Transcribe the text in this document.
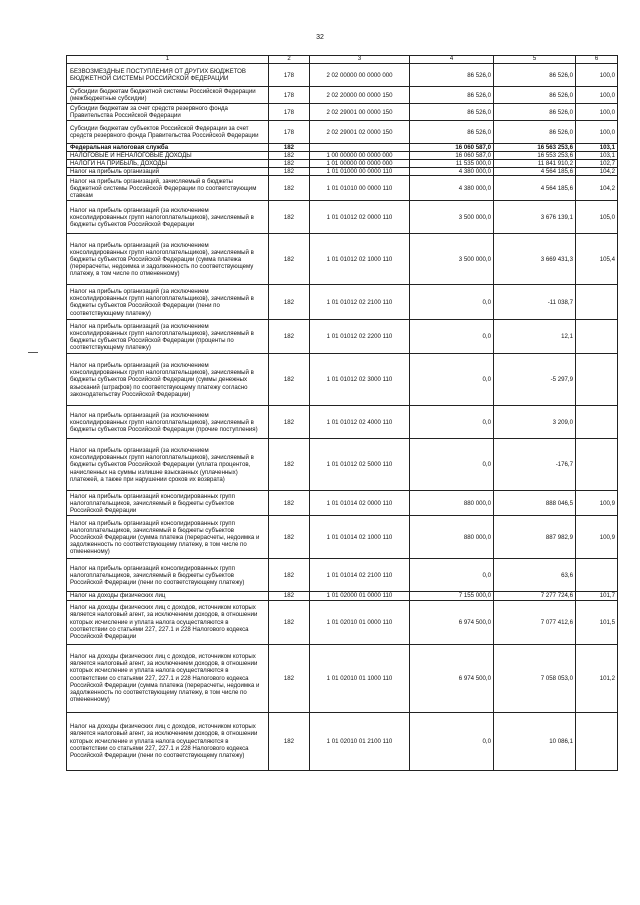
32
1	2	3	4	5	6
БЕЗВОЗМЕЗДНЫЕ ПОСТУПЛЕНИЯ ОТ ДРУГИХ БЮДЖЕТОВ БЮДЖЕТНОЙ СИСТЕМЫ РОССИЙСКОЙ ФЕДЕРАЦИИ	178	2 02 00000 00 0000 000	86 526,0	86 526,0	100,0
Субсидии бюджетам бюджетной системы Российской Федерации (межбюджетные субсидии)	178	2 02 20000 00 0000 150	86 526,0	86 526,0	100,0
Субсидии бюджетам за счет средств резервного фонда Правительства Российской Федерации	178	2 02 29001 00 0000 150	86 526,0	86 526,0	100,0
Субсидии бюджетам субъектов Российской Федерации за счет средств резервного фонда Правительства Российской Федерации	178	2 02 29001 02 0000 150	86 526,0	86 526,0	100,0
Федеральная налоговая служба	182		16 060 587,0	16 563 253,6	103,1
НАЛОГОВЫЕ И НЕНАЛОГОВЫЕ ДОХОДЫ	182	1 00 00000 00 0000 000	16 060 587,0	16 553 253,6	103,1
НАЛОГИ НА ПРИБЫЛЬ, ДОХОДЫ	182	1 01 00000 00 0000 000	11 535 000,0	11 841 910,2	102,7
Налог на прибыль организаций	182	1 01 01000 00 0000 110	4 380 000,0	4 564 185,6	104,2
Налог на прибыль организаций, зачисляемый в бюджеты бюджетной системы Российской Федерации по соответствующим ставкам	182	1 01 01010 00 0000 110	4 380 000,0	4 564 185,6	104,2
Налог на прибыль организаций (за исключением консолидированных групп налогоплательщиков), зачисляемый в бюджеты субъектов Российской Федерации	182	1 01 01012 02 0000 110	3 500 000,0	3 676 139,1	105,0
Налог на прибыль организаций (за исключением консолидированных групп налогоплательщиков), зачисляемый в бюджеты субъектов Российской Федерации (сумма платежа (перерасчеты, недоимка и задолженность по соответствующему платежу, в том числе по отмененному)	182	1 01 01012 02 1000 110	3 500 000,0	3 669 431,3	105,4
Налог на прибыль организаций (за исключением консолидированных групп налогоплательщиков), зачисляемый в бюджеты субъектов Российской Федерации (пени по соответствующему платежу)	182	1 01 01012 02 2100 110	0,0	-11 038,7	
Налог на прибыль организаций (за исключением консолидированных групп налогоплательщиков), зачисляемый в бюджеты субъектов Российской Федерации (проценты по соответствующему платежу)	182	1 01 01012 02 2200 110	0,0	12,1	
Налог на прибыль организаций (за исключением консолидированных групп налогоплательщиков), зачисляемый в бюджеты субъектов Российской Федерации (суммы денежных взысканий (штрафов) по соответствующему платежу согласно законодательству Российской Федерации)	182	1 01 01012 02 3000 110	0,0	-5 297,9	
Налог на прибыль организаций (за исключением консолидированных групп налогоплательщиков), зачисляемый в бюджеты субъектов Российской Федерации (прочие поступления)	182	1 01 01012 02 4000 110	0,0	3 209,0	
Налог на прибыль организаций (за исключением консолидированных групп налогоплательщиков), зачисляемый в бюджеты субъектов Российской Федерации (уплата процентов, начисленных на суммы излишне взысканных (уплаченных) платежей, а также при нарушении сроков их возврата)	182	1 01 01012 02 5000 110	0,0	-176,7	
Налог на прибыль организаций консолидированных групп налогоплательщиков, зачисляемый в бюджеты субъектов Российской Федерации	182	1 01 01014 02 0000 110	880 000,0	888 046,5	100,9
Налог на прибыль организаций консолидированных групп налогоплательщиков, зачисляемый в бюджеты субъектов Российской Федерации (сумма платежа (перерасчеты, недоимка и задолженность по соответствующему платежу, в том числе по отмененному)	182	1 01 01014 02 1000 110	880 000,0	887 982,9	100,9
Налог на прибыль организаций консолидированных групп налогоплательщиков, зачисляемый в бюджеты субъектов Российской Федерации (пени по соответствующему платежу)	182	1 01 01014 02 2100 110	0,0	63,6	
Налог на доходы физических лиц	182	1 01 02000 01 0000 110	7 155 000,0	7 277 724,6	101,7
Налог на доходы физических лиц с доходов, источником которых является налоговый агент, за исключением доходов, в отношении которых исчисление и уплата налога осуществляются в соответствии со статьями 227, 227.1 и 228 Налогового кодекса Российской Федерации	182	1 01 02010 01 0000 110	6 974 500,0	7 077 412,6	101,5
Налог на доходы физических лиц с доходов, источником которых является налоговый агент, за исключением доходов, в отношении которых исчисление и уплата налога осуществляются в соответствии со статьями 227, 227.1 и 228 Налогового кодекса Российской Федерации (сумма платежа (перерасчеты, недоимка и задолженность по соответствующему платежу, в том числе по отмененному)	182	1 01 02010 01 1000 110	6 974 500,0	7 058 053,0	101,2
Налог на доходы физических лиц с доходов, источником которых является налоговый агент, за исключением доходов, в отношении которых исчисление и уплата налога осуществляются в соответствии со статьями 227, 227.1 и 228 Налогового кодекса Российской Федерации (пени по соответствующему платежу)	182	1 01 02010 01 2100 110	0,0	10 086,1	
